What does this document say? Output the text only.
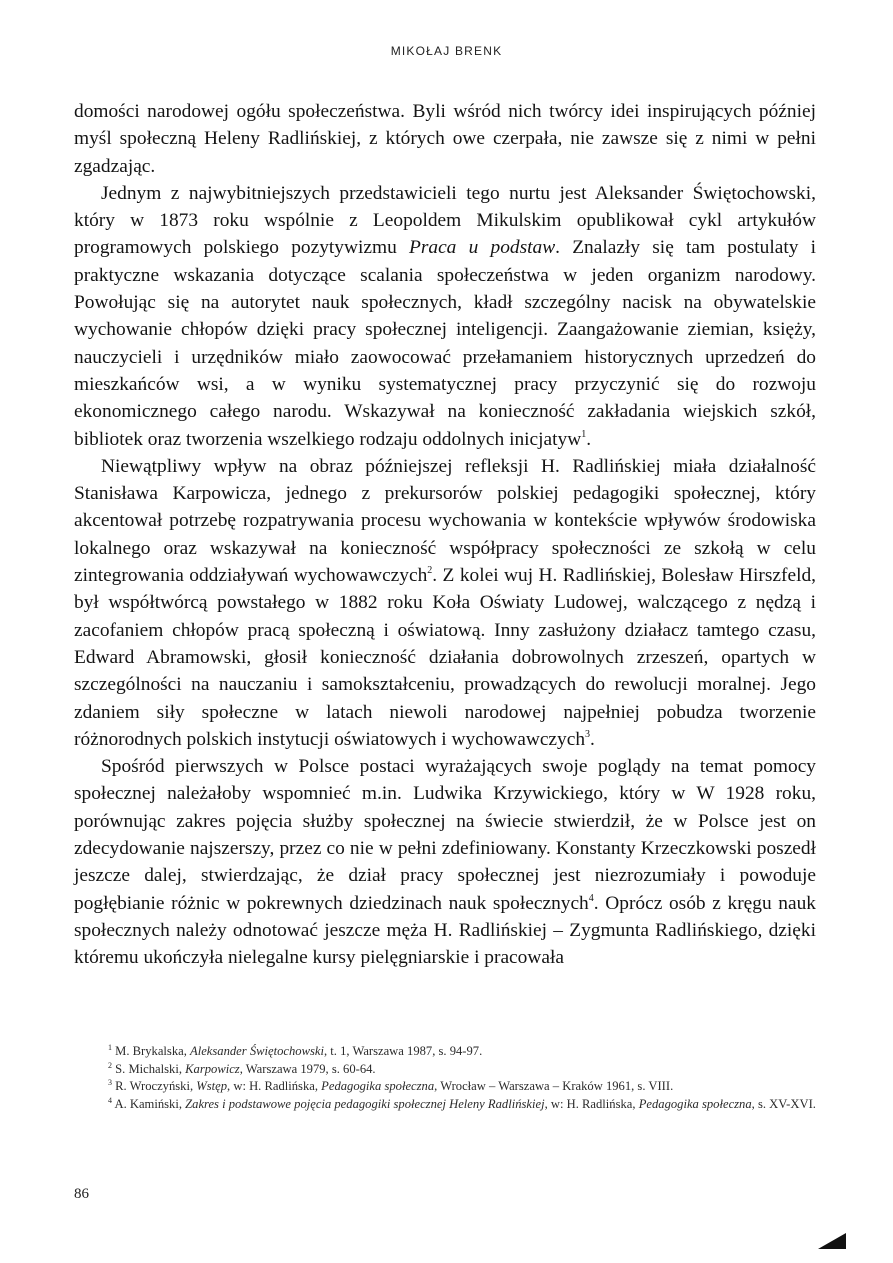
MIKOŁAJ BRENK

domości narodowej ogółu społeczeństwa. Byli wśród nich twórcy idei inspirujących później myśl społeczną Heleny Radlińskiej, z których owe czerpała, nie zawsze się z nimi w pełni zgadzając.

Jednym z najwybitniejszych przedstawicieli tego nurtu jest Aleksander Świętochowski, który w 1873 roku wspólnie z Leopoldem Mikulskim opublikował cykl artykułów programowych polskiego pozytywizmu Praca u podstaw. Znalazły się tam postulaty i praktyczne wskazania dotyczące scalania społeczeństwa w jeden organizm narodowy. Powołując się na autorytet nauk społecznych, kładł szczególny nacisk na obywatelskie wychowanie chłopów dzięki pracy społecznej inteligencji. Zaangażowanie ziemian, księży, nauczycieli i urzędników miało zaowocować przełamaniem historycznych uprzedzeń do mieszkańców wsi, a w wyniku systematycznej pracy przyczynić się do rozwoju ekonomicznego całego narodu. Wskazywał na konieczność zakładania wiejskich szkół, bibliotek oraz tworzenia wszelkiego rodzaju oddolnych inicjatyw$^1$.

Niewątpliwy wpływ na obraz późniejszej refleksji H. Radlińskiej miała działalność Stanisława Karpowicza, jednego z prekursorów polskiej pedagogiki społecznej, który akcentował potrzebę rozpatrywania procesu wychowania w kontekście wpływów środowiska lokalnego oraz wskazywał na konieczność współpracy społeczności ze szkołą w celu zintegrowania oddziaływań wychowawczych$^2$. Z kolei wuj H. Radlińskiej, Bolesław Hirszfeld, był współtwórcą powstałego w 1882 roku Koła Oświaty Ludowej, walczącego z nędzą i zacofaniem chłopów pracą społeczną i oświatową. Inny zasłużony działacz tamtego czasu, Edward Abramowski, głosił konieczność działania dobrowolnych zrzeszeń, opartych w szczególności na nauczaniu i samokształceniu, prowadzących do rewolucji moralnej. Jego zdaniem siły społeczne w latach niewoli narodowej najpełniej pobudza tworzenie różnorodnych polskich instytucji oświatowych i wychowawczych$^3$.

Spośród pierwszych w Polsce postaci wyrażających swoje poglądy na temat pomocy społecznej należałoby wspomnieć m.in. Ludwika Krzywickiego, który w W 1928 roku, porównując zakres pojęcia służby społecznej na świecie stwierdził, że w Polsce jest on zdecydowanie najszerszy, przez co nie w pełni zdefiniowany. Konstanty Krzeczkowski poszedł jeszcze dalej, stwierdzając, że dział pracy społecznej jest niezrozumiały i powoduje pogłębianie różnic w pokrewnych dziedzinach nauk społecznych$^4$. Oprócz osób z kręgu nauk społecznych należy odnotować jeszcze męża H. Radlińskiej – Zygmunta Radlińskiego, dzięki któremu ukończyła nielegalne kursy pielęgniarskie i pracowała

$^1$ M. Brykalska, Aleksander Świętochowski, t. 1, Warszawa 1987, s. 94-97.

$^2$ S. Michalski, Karpowicz, Warszawa 1979, s. 60-64.

$^3$ R. Wroczyński, Wstęp, w: H. Radlińska, Pedagogika społeczna, Wrocław – Warszawa – Kraków 1961, s. VIII.

$^4$ A. Kamiński, Zakres i podstawowe pojęcia pedagogiki społecznej Heleny Radlińskiej, w: H. Radlińska, Pedagogika społeczna, s. XV-XVI.

86
